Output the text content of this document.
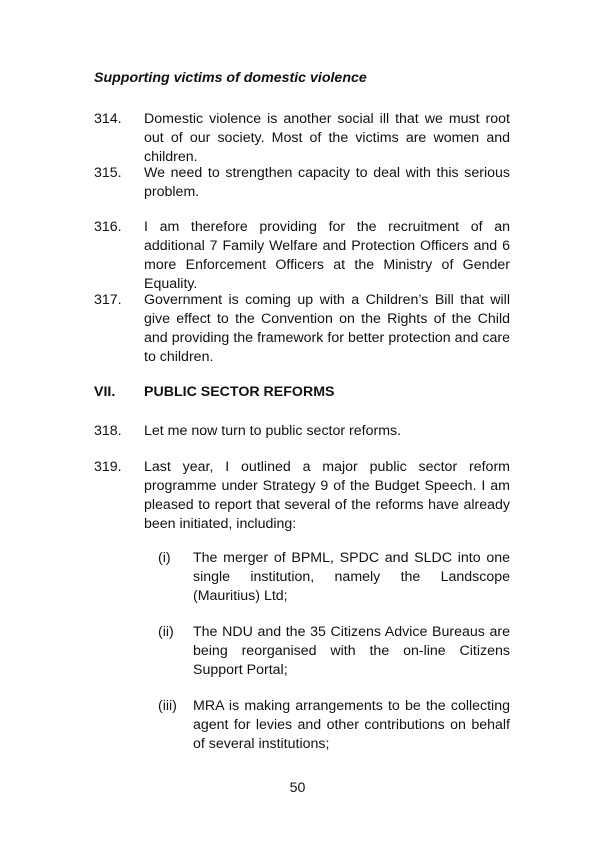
Supporting victims of domestic violence
314.	Domestic violence is another social ill that we must root out of our society. Most of the victims are women and children.
315.	We need to strengthen capacity to deal with this serious problem.
316.	I am therefore providing for the recruitment of an additional 7 Family Welfare and Protection Officers and 6 more Enforcement Officers at the Ministry of Gender Equality.
317.	Government is coming up with a Children’s Bill that will give effect to the Convention on the Rights of the Child and providing the framework for better protection and care to children.
VII. PUBLIC SECTOR REFORMS
318.	Let me now turn to public sector reforms.
319.	Last year, I outlined a major public sector reform programme under Strategy 9 of the Budget Speech. I am pleased to report that several of the reforms have already been initiated, including:
(i)	The merger of BPML, SPDC and SLDC into one single institution, namely the Landscope (Mauritius) Ltd;
(ii)	The NDU and the 35 Citizens Advice Bureaus are being reorganised with the on-line Citizens Support Portal;
(iii)	MRA is making arrangements to be the collecting agent for levies and other contributions on behalf of several institutions;
50
